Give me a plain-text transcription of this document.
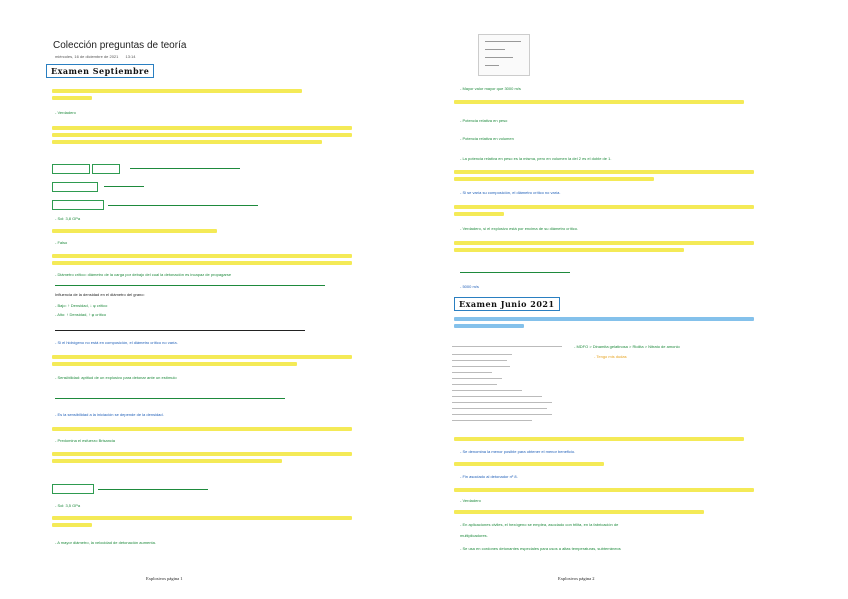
Colección preguntas de teoría
miércoles, 16 de diciembre de 2021 13:14
Examen Septiembre
- Verdadero
- Sol: 3,8 GPa
- Falso
- Diámetro crítico: diámetro de la carga por debajo del cual la detonación es incapaz de propagarse
Influencia de la densidad en el diámetro del grano:
- Bajo: ↑ Densidad, ↓ φ crítico
- Alto: ↑ Densidad, ↑ φ crítico
- Si el hidrógeno no está en composición, el diámetro crítico no varía.
- Sensibilidad: aptitud de un explosivo para detonar ante un estímulo
- Es la sensibilidad a la iniciación se depende de la densidad.
- Predomina el esfuerzo Brisancia
- Sol: 3,5 GPa
- A mayor diámetro, la velocidad de detonación aumenta.
Explosivos página 1
- Mayor valor mayor que 3000 m/s
- Potencia relativa en peso
- Potencia relativa en volumen
- La potencia relativa en peso es la misma, pero en volumen la del 2 es el doble de 1.
- Si se varía su composición, el diámetro crítico no varía.
- Verdadero, si el explosivo está por encima de su diámetro crítico.
- 5000 m/s
Examen Junio 2021
- MDFO > Dinamita gelatinosa > Riolita > Nitrato de amonio
- Tengo mis dudas
- Se denomina la menor posible para obtener el menor beneficio.
- Fin asociado al detonador nº 8.
- Verdadero
- En aplicaciones civiles, el hexógeno se emplea, asociado con trilita, en la fabricación de
multiplicadores.
- Se usa en cordones detonantes especiales para usos a altas temperaturas, subterráneos
Explosivos página 2
